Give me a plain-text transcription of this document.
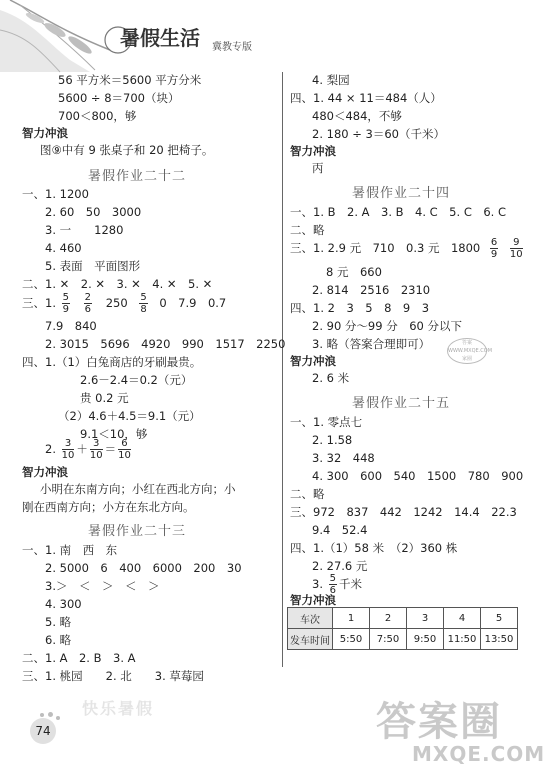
暑假生活 冀教专版
56 平方米＝5600 平方分米
5600 ÷ 8＝700（块）
700＜800，够
智力冲浪
图⑨中有 9 张桌子和 20 把椅子。
暑假作业二十二
一、1. 1200
2. 60　50　3000
3. 一　　1280
4. 460
5. 表面　平面图形
二、1. ✕　2. ✕　3. ✕　4. ✕　5. ✕
三、1. $\frac{5}{9}$
$\frac{2}{6} 250 \frac{5}{8} 0$　7.9　0.7
7.9　840
2. 3015　5696　4920　990　1517　2250
四、1.（1）白兔商店的牙刷最贵。
2.6－2.4＝0.2（元）
贵 0.2 元
（2）4.6＋4.5＝9.1（元）
9.1＜10，够
2. $\frac{3}{10} + \frac{3}{10} = \frac{6}{10}$
智力冲浪
小明在东南方向；小红在西北方向；小
刚在西南方向；小方在东北方向。
暑假作业二十三
一、1. 南　西　东
2. 5000　6　400　6000　200　30
3.＞　＜　＞　＜　＞
4. 300
5. 略
6. 略
二、1. A　2. B　3. A
三、1. 桃园　　2. 北　　3. 草莓园
4. 梨园
四、1. 44 × 11＝484（人）
480＜484，不够
2. 180 ÷ 3＝60（千米）
智力冲浪
丙
暑假作业二十四
一、1. B　2. A　3. B　4. C　5. C　6. C
二、略
三、1. 2.9 元　710　0.3 元　$1800 \frac{6}{9}$
$\frac{9}{10}$
8 元　660
2. 814　2516　2310
四、1. 2　3　5　8　9　3
2. 90 分～99 分　60 分以下
3. 略（答案合理即可）
智力冲浪
2. 6 米
答案 WWW.MXQE.COM 家圈
暑假作业二十五
一、1. 零点七
2. 1.58
3. 32　448
4. 300　600　540　1500　780　900
二、略
三、972　837　442　1242　14.4　22.3
9.4　52.4
四、1.（1）58 米　（2）360 株
2. 27.6 元
3. $\frac{5}{6}$ 千米
智力冲浪
车次	1	2	3	4	5
发车时间	5:50	7:50	9:50	11:50	13:50
74
快乐暑假	答案圈
MXQE.COM
